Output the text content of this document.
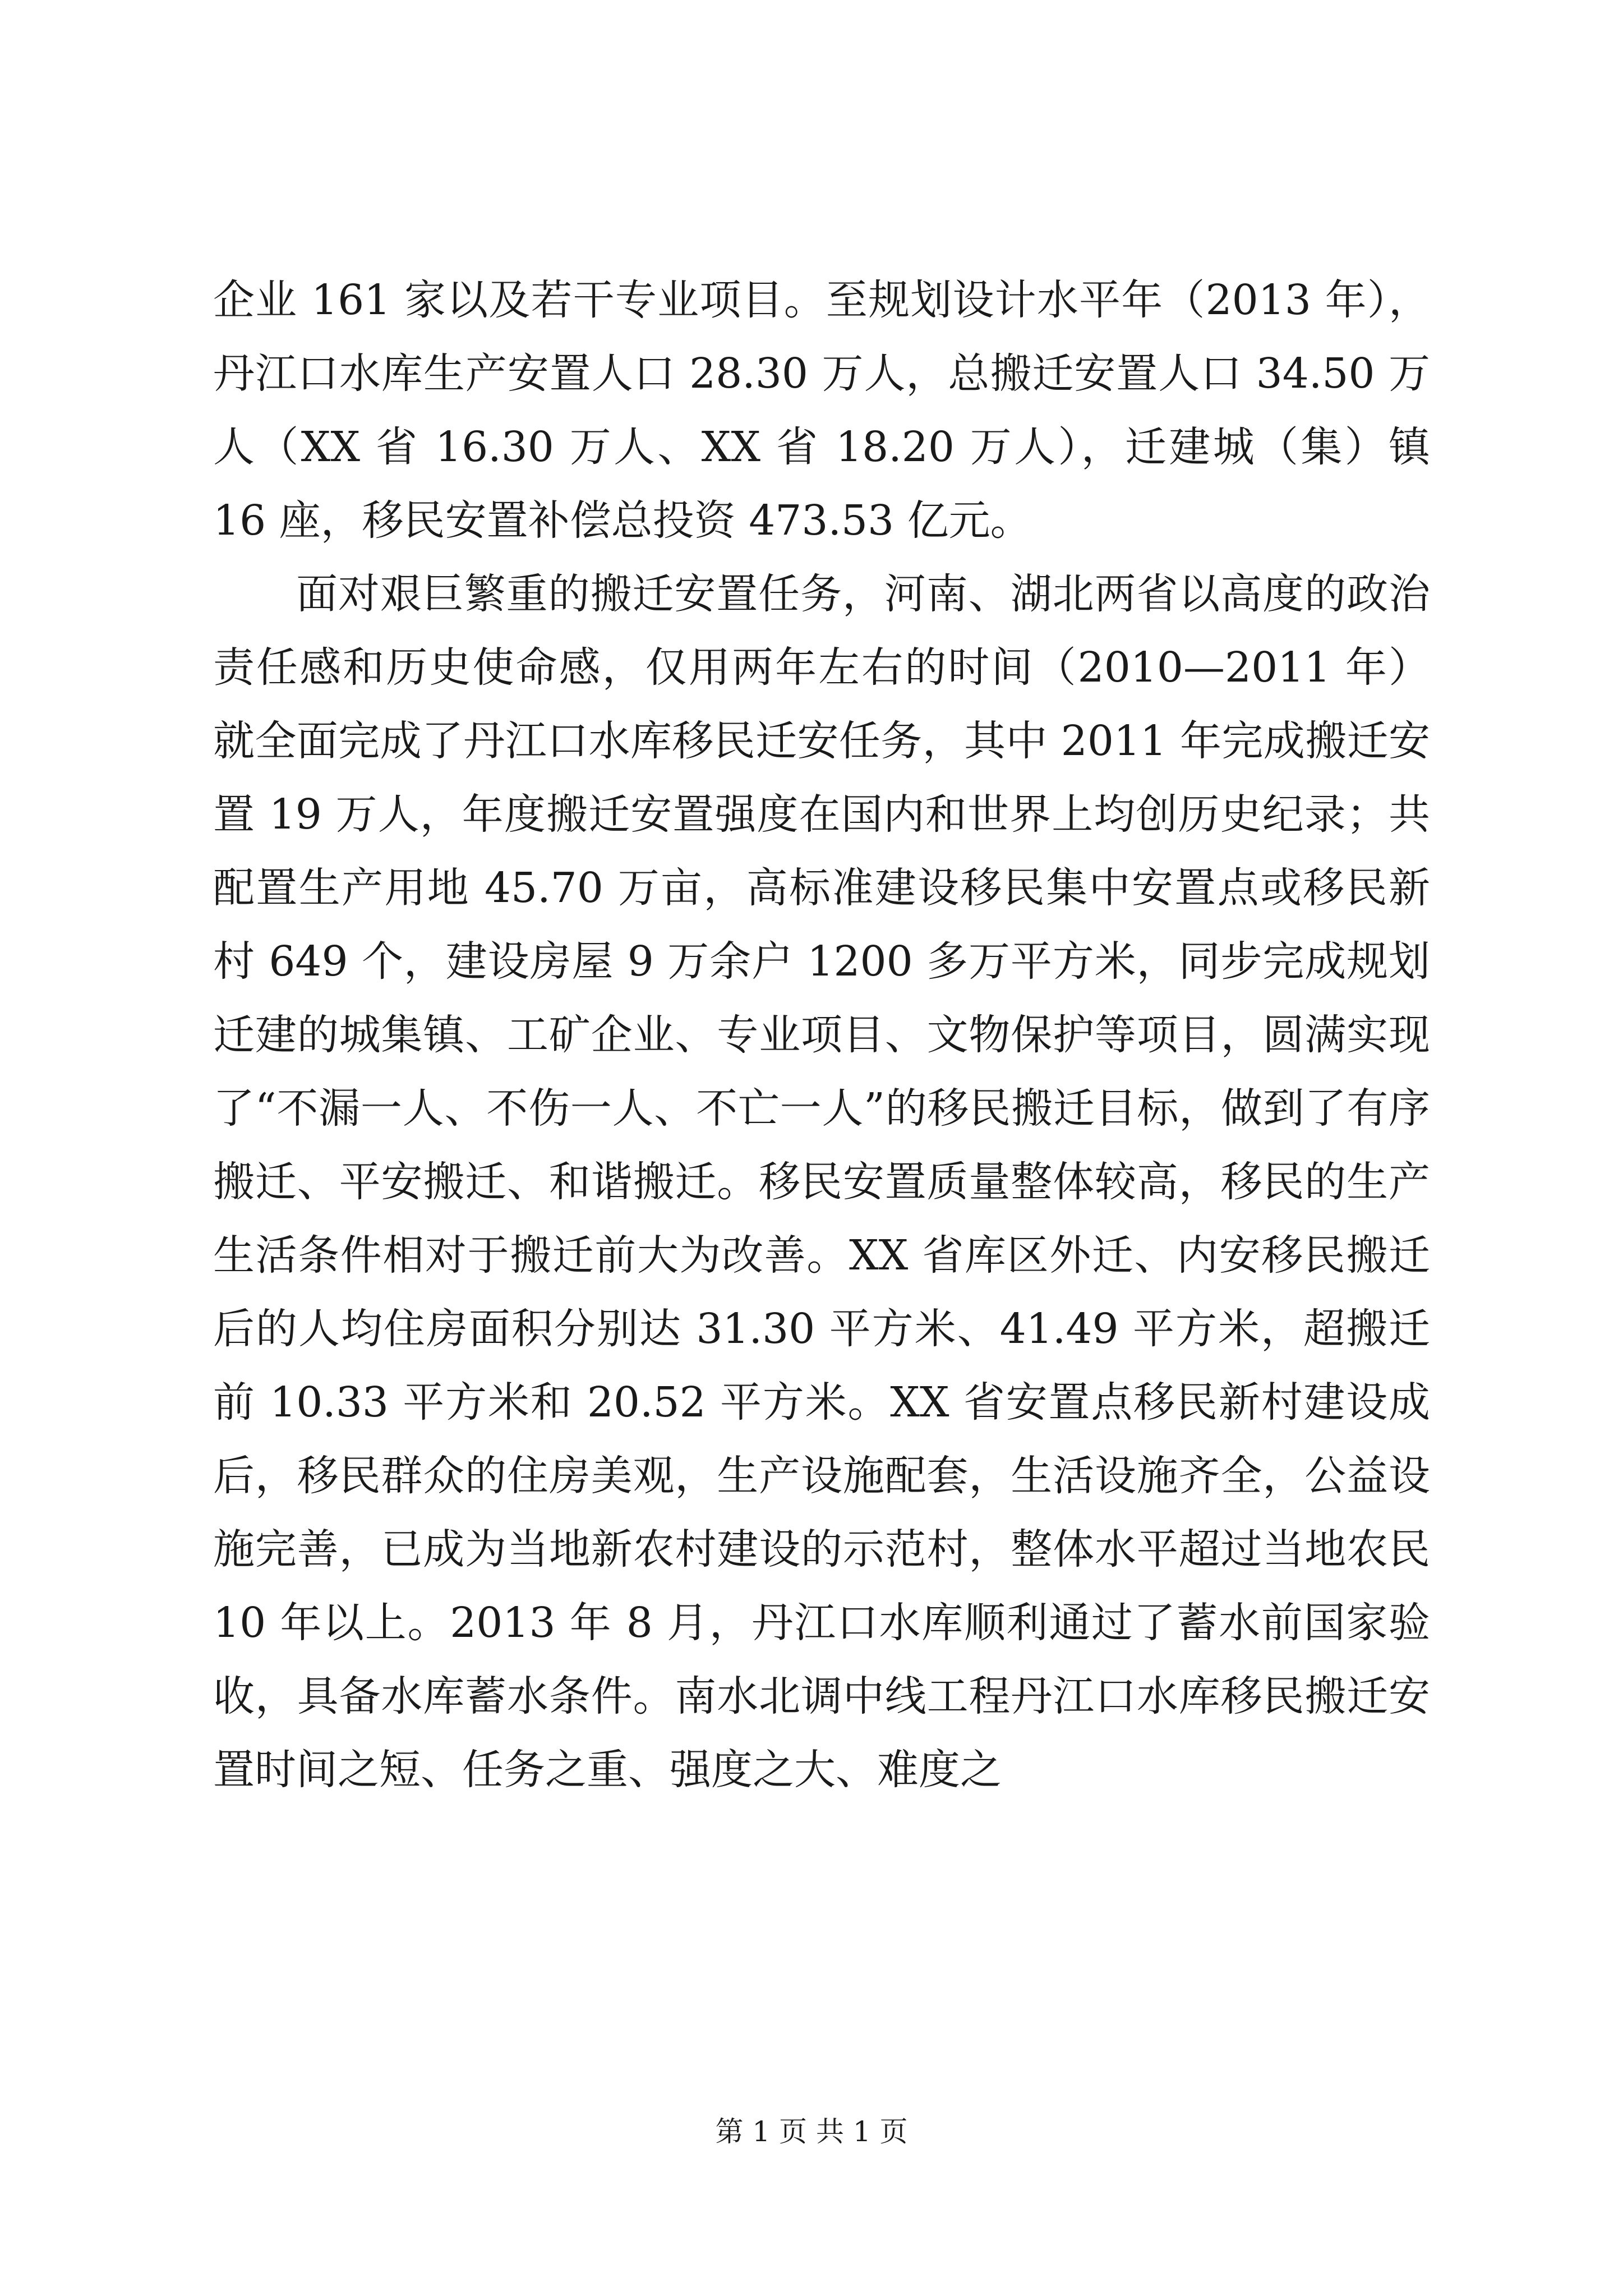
企业 161 家以及若干专业项目。至规划设计水平年（2013 年），丹江口水库生产安置人口 28.30 万人，总搬迁安置人口 34.50 万人（XX 省 16.30 万人、XX 省 18.20 万人），迁建城（集）镇 16 座，移民安置补偿总投资 473.53 亿元。

面对艰巨繁重的搬迁安置任务，河南、湖北两省以高度的政治责任感和历史使命感，仅用两年左右的时间（2010—2011 年）就全面完成了丹江口水库移民迁安任务，其中 2011 年完成搬迁安置 19 万人，年度搬迁安置强度在国内和世界上均创历史纪录；共配置生产用地 45.70 万亩，高标准建设移民集中安置点或移民新村 649 个，建设房屋 9 万余户 1200 多万平方米，同步完成规划迁建的城集镇、工矿企业、专业项目、文物保护等项目，圆满实现了“不漏一人、不伤一人、不亡一人”的移民搬迁目标，做到了有序搬迁、平安搬迁、和谐搬迁。移民安置质量整体较高，移民的生产生活条件相对于搬迁前大为改善。XX 省库区外迁、内安移民搬迁后的人均住房面积分别达 31.30 平方米、41.49 平方米，超搬迁前 10.33 平方米和 20.52 平方米。XX 省安置点移民新村建设成后，移民群众的住房美观，生产设施配套，生活设施齐全，公益设施完善，已成为当地新农村建设的示范村，整体水平超过当地农民 10 年以上。2013 年 8 月，丹江口水库顺利通过了蓄水前国家验收，具备水库蓄水条件。南水北调中线工程丹江口水库移民搬迁安置时间之短、任务之重、强度之大、难度之

第 1 页 共 1 页
